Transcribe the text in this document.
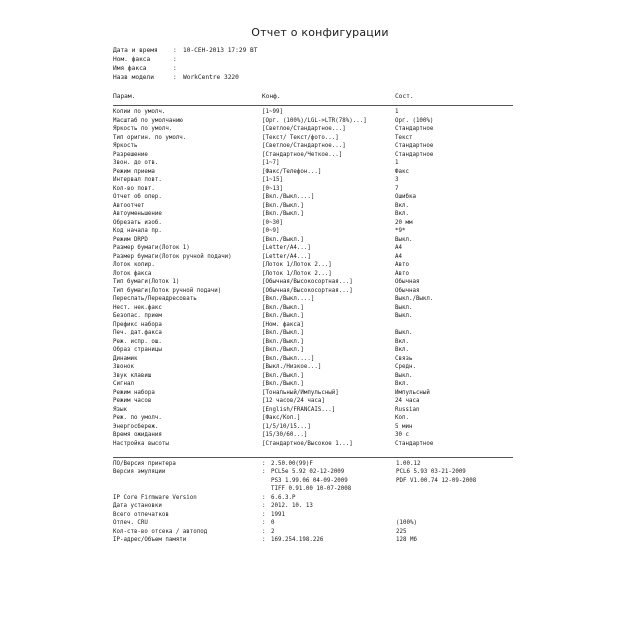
Отчет о конфигурации
Дата и время : 10-СЕН-2013 17:29 ВТ
Ном. факса	:
Имя факса	:
Назв модели	: WorkCentre 3220
Парам.	Конф.	Сост.
Копии по умолч.	[1~99]	1
Масштаб по умолчанию	[Орг. (100%)/LGL->LTR(78%)...]	Орг. (100%)
Яркость по умолч.	[Светлое/Стандартное...]	Стандартное
Тип оригин. по умолч.	[Текст/ Текст/фото...]	Текст
Яркость	[Светлое/Стандартное...]	Стандартное
Разрешение	[Стандартное/Четкое...]	Стандартное
Звон. до отв.	[1~7]	1
Режим приема	[Факс/Телефон...]	Факс
Интервал повт.	[1~15]	3
Кол-во повт.	[0~13]	7
Отчет об опер.	[Вкл./Выкл....]	Ошибка
Автоотчет	[Вкл./Выкл.]	Вкл.
Автоуменьшение	[Вкл./Выкл.]	Вкл.
Обрезать изоб.	[0~30]	20 мм
Код начала пр.	[0~9]	*9*
Режим DRPD	[Вкл./Выкл.]	Выкл.
Размер бумаги(Лоток 1)	[Letter/A4...]	A4
Размер бумаги(Лоток ручной подачи)	[Letter/A4...]	A4
Лоток копир.	[Лоток 1/Лоток 2...]	Авто
Лоток факса	[Лоток 1/Лоток 2...]	Авто
Тип бумаги(Лоток 1)	[Обычная/Высокосортная...]	Обычная
Тип бумаги(Лоток ручной подачи)	[Обычная/Высокосортная...]	Обычная
Переслать/Переадресовать	[Вкл./Выкл....]	Выкл./Выкл.
Нест. нек.факс	[Вкл./Выкл.]	Выкл.
Безопас. прием	[Вкл./Выкл.]	Выкл.
Префикс набора	[Ном. факса]
Печ. дат.факса	[Вкл./Выкл.]	Выкл.
Реж. испр. ош.	[Вкл./Выкл.]	Вкл.
Образ страницы	[Вкл./Выкл.]	Вкл.
Динамик	[Вкл./Выкл....]	Связь
Звонок	[Выкл./Низкое...]	Средн.
Звук клавиш	[Вкл./Выкл.]	Выкл.
Сигнал	[Вкл./Выкл.]	Вкл.
Режим набора	[Тональный/Импульсный]	Импульсный
Режим часов	[12 часов/24 часа]	24 часа
Язык	[English/FRANCAIS...]	Russian
Реж. по умолч.	[Факс/Коп.]	Коп.
Энергосбереж.	[1/5/10/15...]	5 мин
Время ожидания	[15/30/60...]	30 с
Настройка высоты	[Стандартное/Высокое 1...]	Стандартное
ПО/Версия принтера	: 2.50.00(99)F	1.00.12
Версия эмуляции	: PCL5e 5.92 02-12-2009	PCL6 5.93 03-21-2009
PS3 1.99.06 04-09-2009	PDF V1.00.74 12-09-2008
TIFF 0.91.00 10-07-2008
IP Core Firmware Version	: 6.6.3.P
Дата установки	: 2012. 10. 13
Всего отпечатков	: 1991
Отпеч. CRU	: 0	(100%)
Кол-ств-во отсека / автопод	: 2	225
IP-адрес/Объем памяти	: 169.254.198.226	128 Мб
